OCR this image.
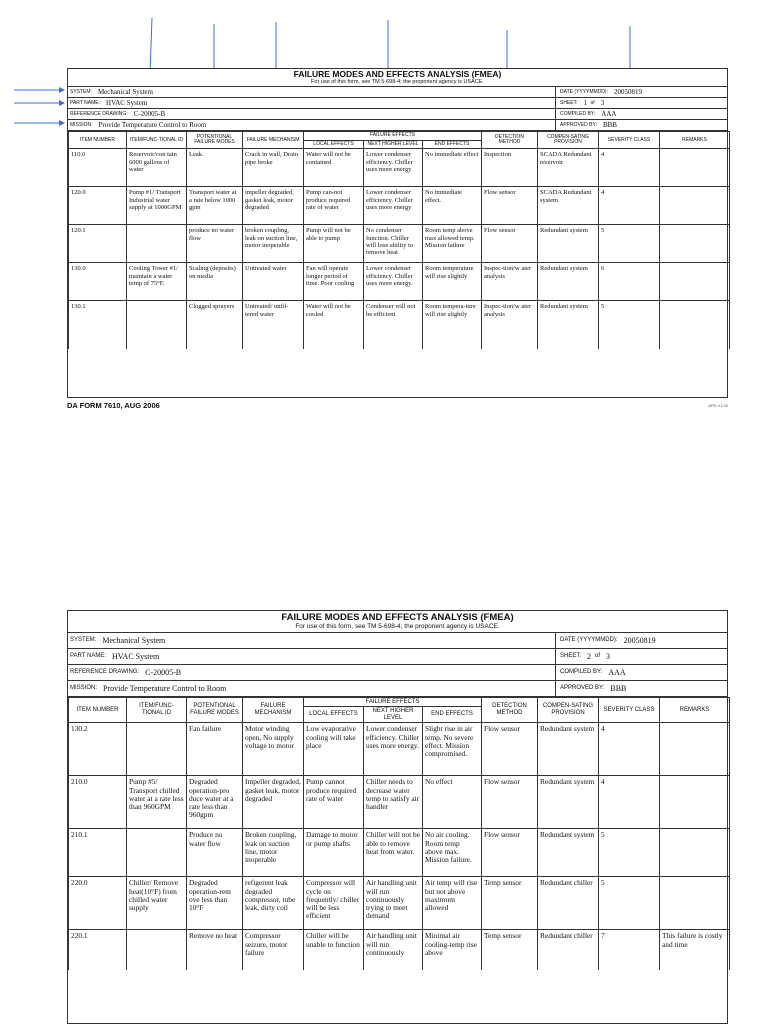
FAILURE MODES AND EFFECTS ANALYSIS (FMEA)
For use of this form, see TM 5-698-4; the proponent agency is USACE.
SYSTEM: Mechanical System	DATE (YYYYMMDD): 20050819
PART NAME: HVAC System	SHEET: 1
of 3
REFERENCE DRAWING: C-20005-B	COMPILED BY: AAA
MISSION: Provide Temperature Control to Room	APPROVED BY: BBB
ITEM NUMBER	ITEM/FUNC-TIONAL ID	POTENTIONAL FAILURE MODES	FAILURE MECHANISM	FAILURE EFFECTS			DETECTION METHOD	COMPEN-SATING PROVISION	SEVERITY CLASS	REMARKS
				LOCAL EFFECTS	NEXT HIGHER LEVEL	END EFFECTS				
110.0	Reservoir/con tain 6000 gallons of water	Leak.	Crack in wall, Drain pipe broke	Water will not be contained	Lower condenser efficiency. Chiller uses more energy	No immediate effect	Inspection	SCADA Redundant reservoir	4	
120.0	Pump #1/ Transport Industrial water supply at 1000GPM	Transport water at a rate below 1000 gpm	impeller degraded, gasket leak, motor degraded	Pump can-not produce required rate of water	Lower condenser efficiency. Chiller uses more energy	No immediate effect.	Flow sensor	SCADA Redundant system	4	
120.1		produce no water flow	broken coupling, leak on suction line, motor inoperable	Pump will not be able to pump	No condenser function. Chiller will lose ability to remove heat	Room temp above max allowed temp. Mission failure	Flow sensor	Redundant system	5	
130.0	Cooling Tower #1/ maintain a water temp of 75°F.	Scaling (deposits) on media	Untreated water	Fan will operate longer period of time. Poor cooling	Lower condenser efficiency. Chiller uses more energy.	Room temperature will rise slightly	Inspec-tion/w ater analysis	Redundant system	6	
130.1		Clogged sprayers	Untreated/ unfil-tered water	Water will not be cooled	Condenser will not be efficient	Room tempera-ture will rise slightly	Inspec-tion/w ater analysis	Redundant system	5	
DA FORM 7610, AUG 2006	APD V1.00
FAILURE MODES AND EFFECTS ANALYSIS (FMEA)
For use of this form, see TM 5-698-4; the proponent agency is USACE.
SYSTEM: Mechanical System	DATE (YYYYMMDD): 20050819
PART NAME: HVAC System	SHEET: 2
of 3
REFERENCE DRAWING: C-20005-B	COMPILED BY: AAA
MISSION: Provide Temperature Control to Room	APPROVED BY: BBB
ITEM NUMBER	ITEM/FUNC-TIONAL ID	POTENTIONAL FAILURE MODES	FAILURE MECHANISM	FAILURE EFFECTS			DETECTION METHOD	COMPEN-SATING PROVISION	SEVERITY CLASS	REMARKS
				LOCAL EFFECTS	NEXT HIGHER LEVEL	END EFFECTS				
130.2		Fan failure	Motor winding open, No supply voltage to motor	Low evaporative cooling will take place	Lower condenser efficiency. Chiller uses more energy.	Slight rise in air temp. No severe effect. Mission compromised.	Flow sensor	Redundant system	4	
210.0	Pump #5/ Transport chilled water at a rate less than 960GPM	Degraded operation-pro duce water at a rate less than 960gpm	Impeller degraded, gasket leak, motor degraded	Pump cannot produce required rate of water	Chiller needs to decrease water temp to satisfy air handler	No effect	Flow sensor	Redundant system	4	
210.1		Produce no water flow	Broken coupling, leak on suction line, motor inoperable	Damage to motor or pump shafts	Chiller will not be able to remove heat from water.	No air cooling. Room temp above max. Mission failure.	Flow sensor	Redundant system	5	
220.0	Chiller/ Remove heat(10°F) from chilled water supply	Degraded operation-rem ove less than 10°F	refigerent leak degraded compressor, tube leak, dirty coil	Compressor will cycle on frequently/ chiller will be less efficient	Air handling unit will run continuously trying to meet demand	Air temp will rise but not above maximum allowed	Temp sensor	Redundant chiller	5	
220.1		Remove no heat	Compressor seizure, motor failure	Chiller will be unable to function	Air handling unit will run continuously	Minimal air cooling-temp rise above	Temp sensor	Redundant chiller	7	This failure is costly and time
